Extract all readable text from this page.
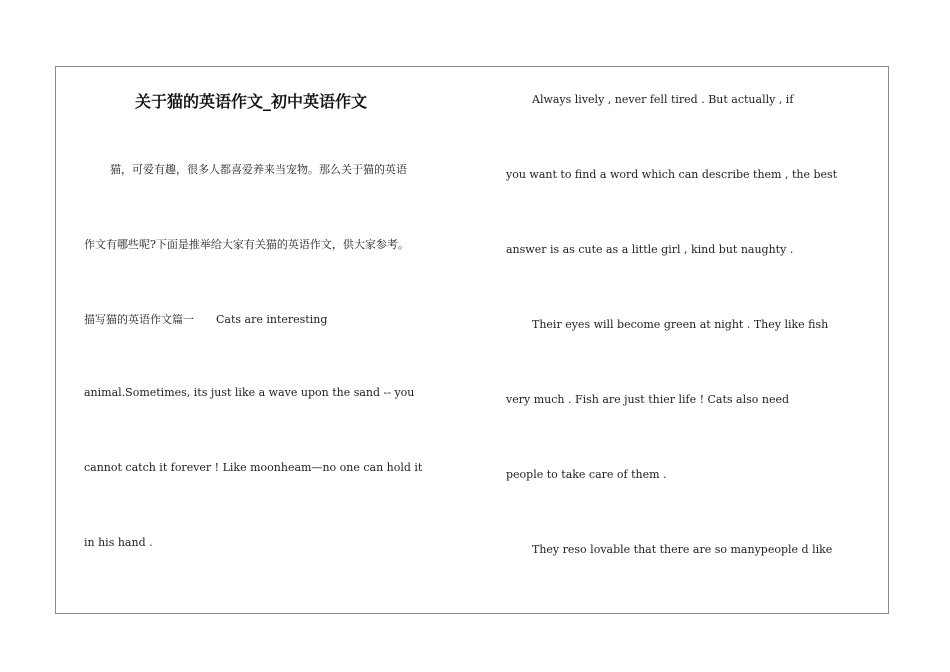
关于猫的英语作文_初中英语作文
猫，可爱有趣，很多人都喜爱养来当宠物。那么关于猫的英语
作文有哪些呢?下面是推举给大家有关猫的英语作文，供大家参考。
描写猫的英语作文篇一 Cats are interesting
animal.Sometimes, its just like a wave upon the sand -- you
cannot catch it forever ! Like moonheam—no one can hold it
in his hand .
Always lively , never fell tired . But actually , if
you want to find a word which can describe them , the best
answer is as cute as a little girl , kind but naughty .
Their eyes will become green at night . They like fish
very much . Fish are just thier life ! Cats also need
people to take care of them .
They reso lovable that there are so manypeople d like
